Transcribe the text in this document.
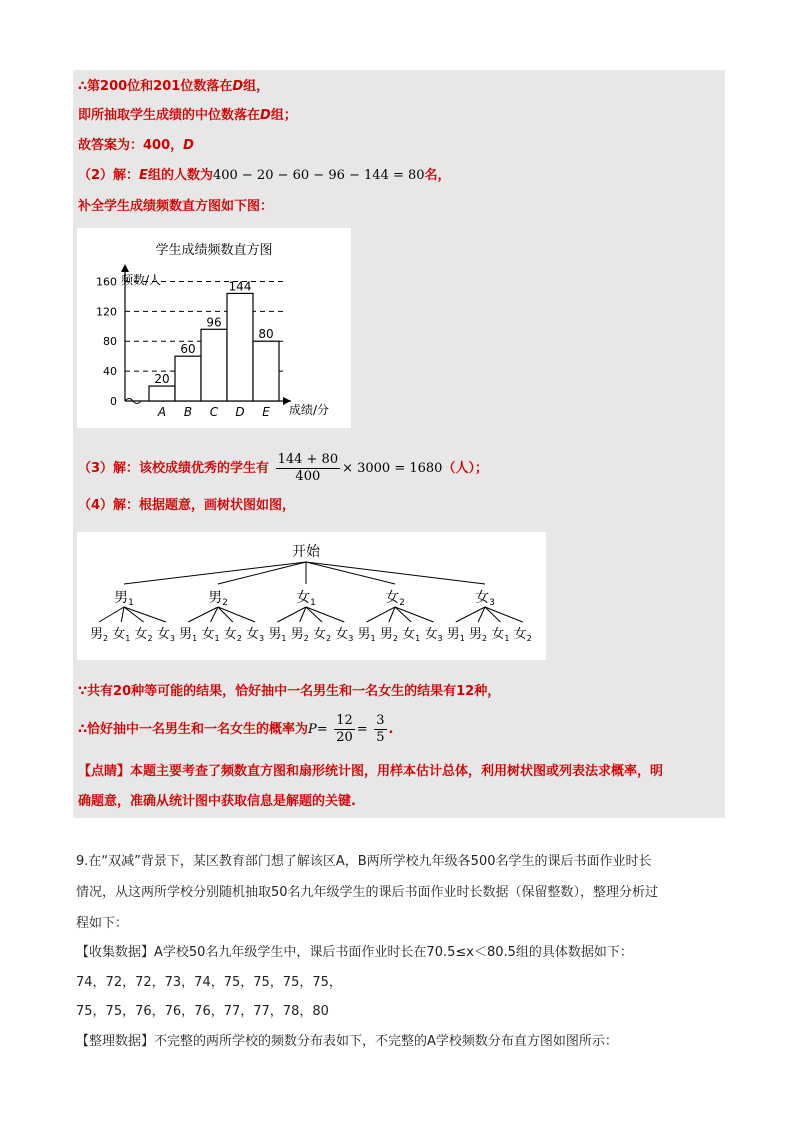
∴第200位和201位数落在D组，
即所抽取学生成绩的中位数落在D组；
故答案为：400，D
（2）解：E组的人数为400 − 20 − 60 − 96 − 144 = 80名，
补全学生成绩频数直方图如下图：
学生成绩频数直方图
频数/人
成绩/分
0
40
80
120
160
20
A
60
B
96
C
144
D
80
E
（3）解：该校成绩优秀的学生有 $\frac{144 + 80}{400} \times 3000 = 1680$（人）；
（4）解：根据题意，画树状图如图，
开始
男$_1$
男$_2$ 女$_1$ 女$_2$ 女$_3$
男$_2$
男$_1$ 女$_1$ 女$_2$ 女$_3$
女$_1$
男$_1$ 男$_2$ 女$_2$ 女$_3$
女$_2$
男$_1$ 男$_2$ 女$_1$ 女$_3$
女$_3$
男$_1$ 男$_2$ 女$_1$ 女$_2$
∵共有20种等可能的结果，恰好抽中一名男生和一名女生的结果有12种，
∴恰好抽中一名男生和一名女生的概率为$P= \frac{12}{20} = \frac{3}{5}$ .
【点睛】本题主要考查了频数直方图和扇形统计图，用样本估计总体，利用树状图或列表法求概率，明
确题意，准确从统计图中获取信息是解题的关键.
9.在“双减”背景下，某区教育部门想了解该区A，B两所学校九年级各500名学生的课后书面作业时长
情况，从这两所学校分别随机抽取50名九年级学生的课后书面作业时长数据（保留整数），整理分析过
程如下：
【收集数据】A学校50名九年级学生中，课后书面作业时长在70.5≤x＜80.5组的具体数据如下：
74，72，72，73，74，75，75，75，75，
75，75，76，76，76，77，77，78，80
【整理数据】不完整的两所学校的频数分布表如下，不完整的A学校频数分布直方图如图所示：
